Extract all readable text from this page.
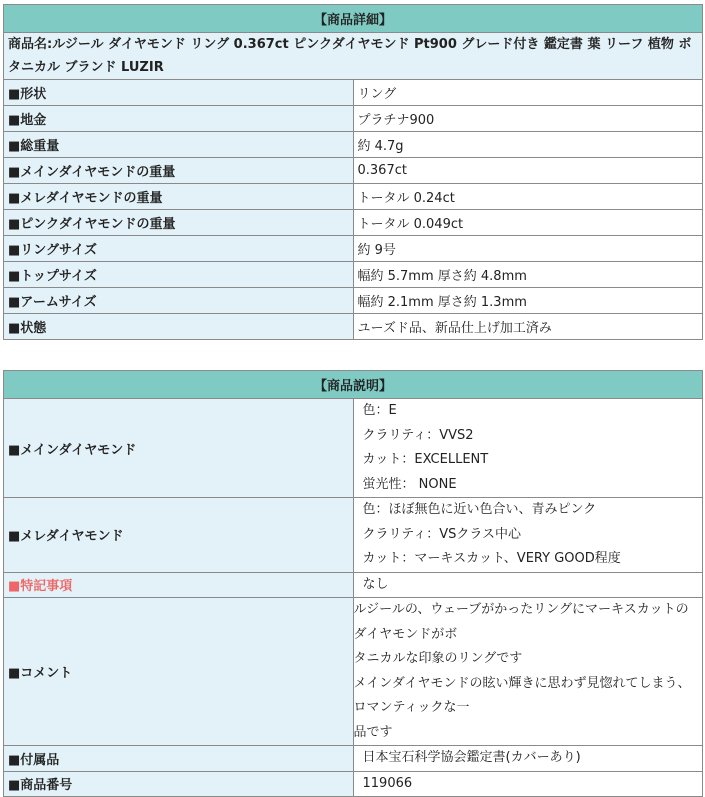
【商品詳細】	
商品名:ルジール ダイヤモンド リング 0.367ct ピンクダイヤモンド Pt900 グレード付き 鑑定書 葉 リーフ 植物 ボタニカル ブランド LUZIR	
■形状	リング
■地金	プラチナ900
■総重量	約 4.7g
■メインダイヤモンドの重量	0.367ct
■メレダイヤモンドの重量	トータル 0.24ct
■ピンクダイヤモンドの重量	トータル 0.049ct
■リングサイズ	約 9号
■トップサイズ	幅約 5.7mm 厚さ約 4.8mm
■アームサイズ	幅約 2.1mm 厚さ約 1.3mm
■状態	ユーズド品、新品仕上げ加工済み
【商品説明】	
■メインダイヤモンド	色：E
クラリティ：VVS2
カット：EXCELLENT
蛍光性： NONE

■メレダイヤモンド	色：ほぼ無色に近い色合い、青みピンク
クラリティ：VSクラス中心
カット：マーキスカット、VERY GOOD程度

■特記事項	なし
■コメント	ルジールの、ウェーブがかったリングにマーキスカットのダイヤモンドがボ
タニカルな印象のリングです
メインダイヤモンドの眩い輝きに思わず見惚れてしまう、ロマンティックな一
品です

■付属品	日本宝石科学協会鑑定書(カバーあり)
■商品番号	119066
